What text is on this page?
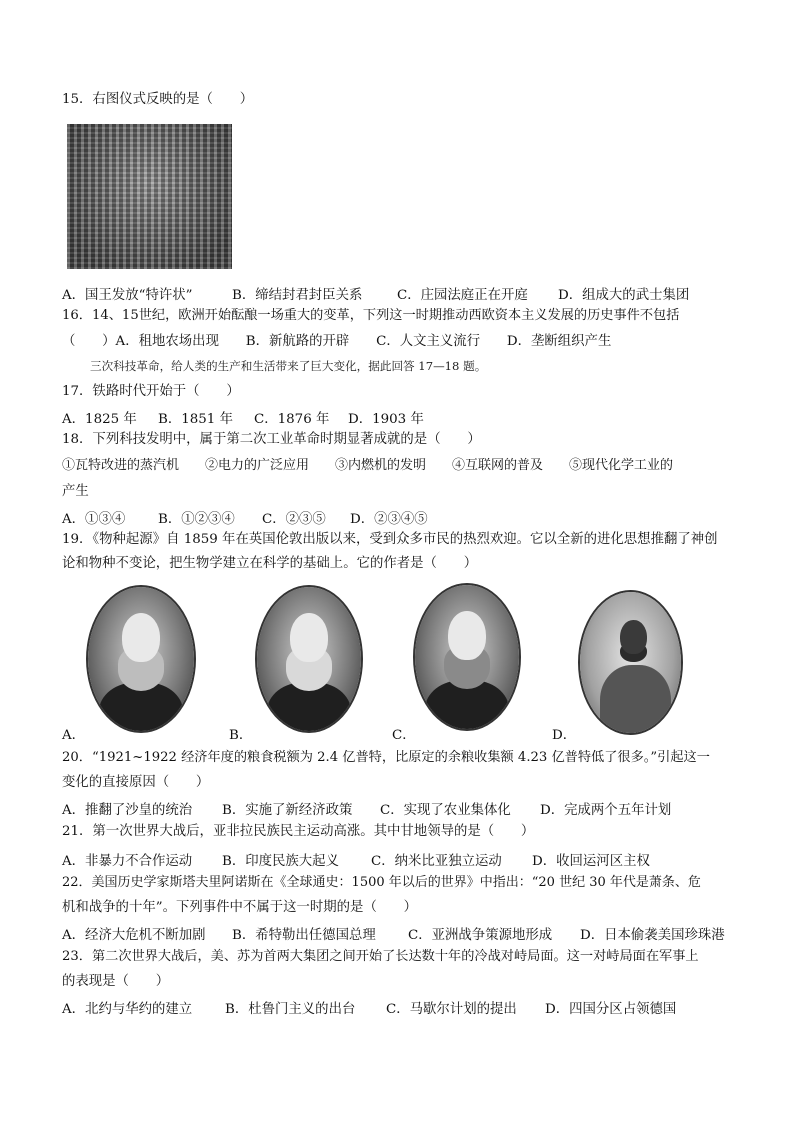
15．右图仪式反映的是（　　）
A．国王发放“特许状”	B．缔结封君封臣关系	C．庄园法庭正在开庭 D．组成大的武士集团
16．14、15世纪，欧洲开始酝酿一场重大的变革，下列这一时期推动西欧资本主义发展的历史事件不包括
（　　）A．租地农场出现　　B．新航路的开辟　　C．人文主义流行　　D．垄断组织产生
三次科技革命，给人类的生产和生活带来了巨大变化，据此回答 17—18 题。
17．铁路时代开始于（　　）
A．1825 年 B．1851 年 C．1876 年 D．1903 年
18．下列科技发明中，属于第二次工业革命时期显著成就的是（　　）
①瓦特改进的蒸汽机　　②电力的广泛应用　　③内燃机的发明　　④互联网的普及　　⑤现代化学工业的
产生
A．①③④ B．①②③④ C．②③⑤ D．②③④⑤
19．《物种起源》自 1859 年在英国伦敦出版以来，受到众多市民的热烈欢迎。它以全新的进化思想推翻了神创
论和物种不变论，把生物学建立在科学的基础上。它的作者是（　　）
A．	B．	C．	D．
20．“1921~1922 经济年度的粮食税额为 2.4 亿普特，比原定的余粮收集额 4.23 亿普特低了很多。”引起这一
变化的直接原因（　　）
A．推翻了沙皇的统治 B．实施了新经济政策 C．实现了农业集体化 D．完成两个五年计划
21．第一次世界大战后，亚非拉民族民主运动高涨。其中甘地领导的是（　　）
A．非暴力不合作运动 B．印度民族大起义 C．纳米比亚独立运动 D．收回运河区主权
22．美国历史学家斯塔夫里阿诺斯在《全球通史：1500 年以后的世界》中指出：“20 世纪 30 年代是萧条、危
机和战争的十年”。下列事件中不属于这一时期的是（　　）
A．经济大危机不断加剧 B．希特勒出任德国总理 C．亚洲战争策源地形成 D．日本偷袭美国珍珠港
23．第二次世界大战后，美、苏为首两大集团之间开始了长达数十年的冷战对峙局面。这一对峙局面在军事上
的表现是（　　）
A．北约与华约的建立 B．杜鲁门主义的出台 C．马歇尔计划的提出 D．四国分区占领德国
